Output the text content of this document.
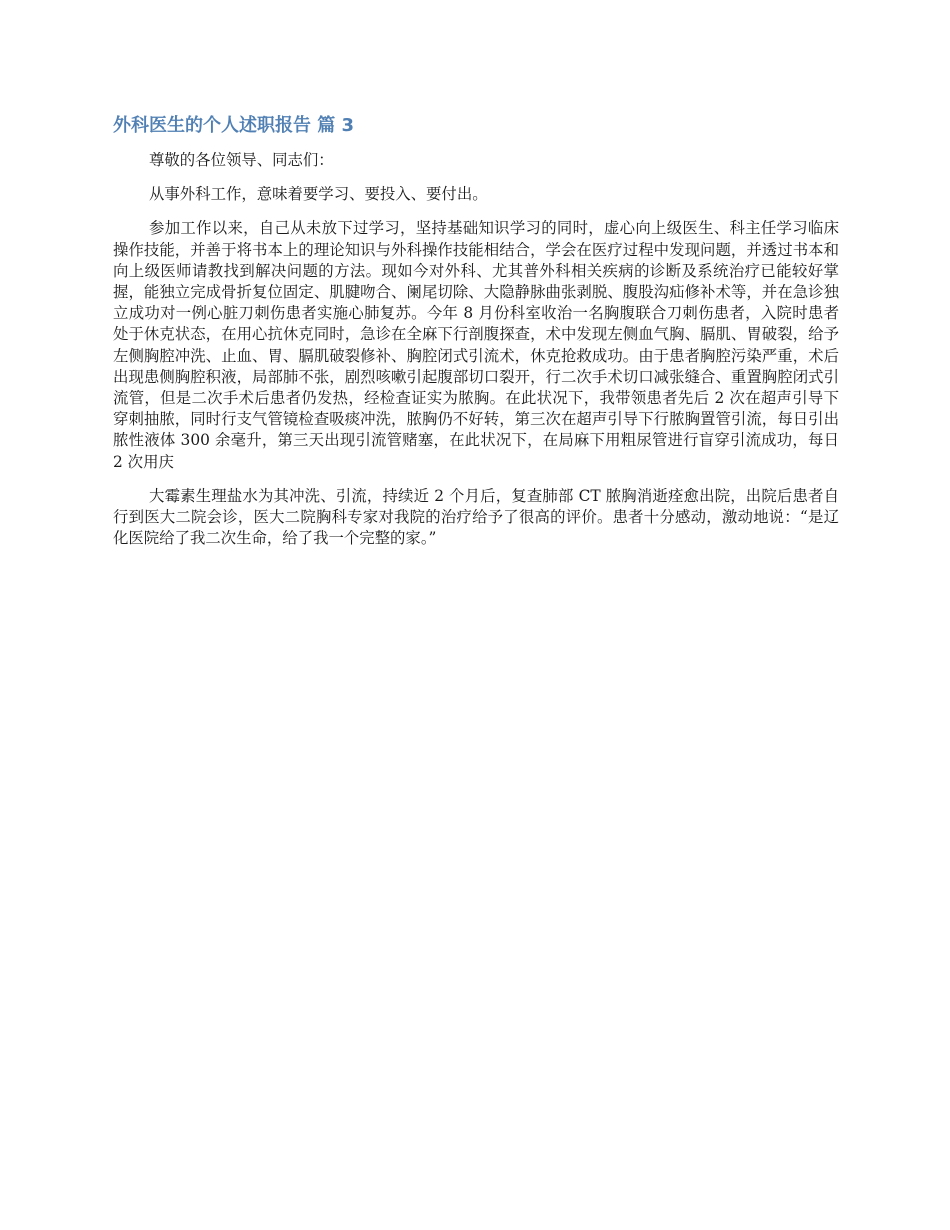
外科医生的个人述职报告 篇 3

尊敬的各位领导、同志们：

从事外科工作，意味着要学习、要投入、要付出。

参加工作以来，自己从未放下过学习，坚持基础知识学习的同时，虚心向上级医生、科主任学习临床操作技能，并善于将书本上的理论知识与外科操作技能相结合，学会在医疗过程中发现问题，并透过书本和向上级医师请教找到解决问题的方法。现如今对外科、尤其普外科相关疾病的诊断及系统治疗已能较好掌握，能独立完成骨折复位固定、肌腱吻合、阑尾切除、大隐静脉曲张剥脱、腹股沟疝修补术等，并在急诊独立成功对一例心脏刀刺伤患者实施心肺复苏。今年 8 月份科室收治一名胸腹联合刀刺伤患者，入院时患者处于休克状态，在用心抗休克同时，急诊在全麻下行剖腹探查，术中发现左侧血气胸、膈肌、胃破裂，给予左侧胸腔冲洗、止血、胃、膈肌破裂修补、胸腔闭式引流术，休克抢救成功。由于患者胸腔污染严重，术后出现患侧胸腔积液，局部肺不张，剧烈咳嗽引起腹部切口裂开，行二次手术切口减张缝合、重置胸腔闭式引流管，但是二次手术后患者仍发热，经检查证实为脓胸。在此状况下，我带领患者先后 2 次在超声引导下穿刺抽脓，同时行支气管镜检查吸痰冲洗，脓胸仍不好转，第三次在超声引导下行脓胸置管引流，每日引出脓性液体 300 余毫升，第三天出现引流管赌塞，在此状况下，在局麻下用粗尿管进行盲穿引流成功，每日 2 次用庆

大霉素生理盐水为其冲洗、引流，持续近 2 个月后，复查肺部 CT 脓胸消逝痊愈出院，出院后患者自行到医大二院会诊，医大二院胸科专家对我院的治疗给予了很高的评价。患者十分感动，激动地说：“是辽化医院给了我二次生命，给了我一个完整的家。”
